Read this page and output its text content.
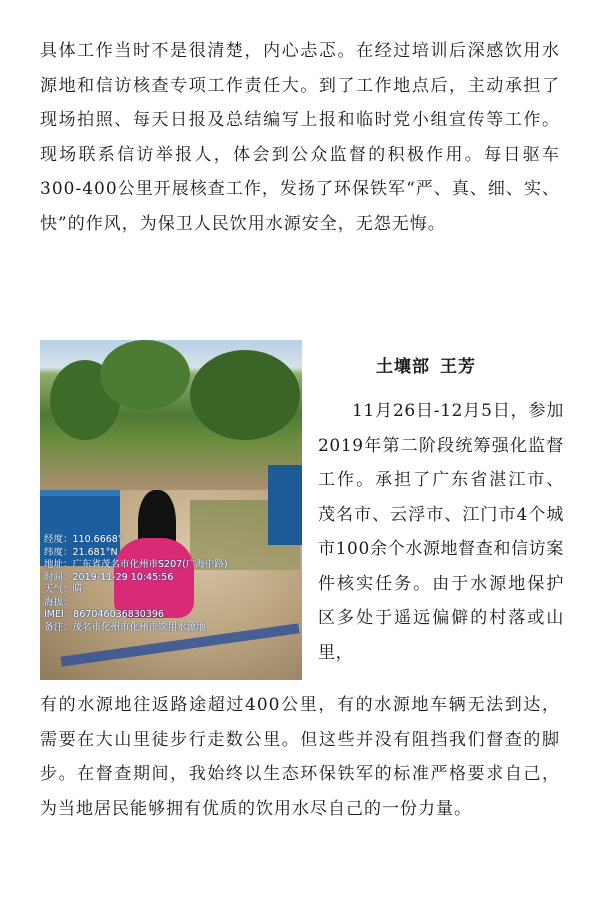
具体工作当时不是很清楚，内心忐忑。在经过培训后深感饮用水源地和信访核查专项工作责任大。到了工作地点后，主动承担了现场拍照、每天日报及总结编写上报和临时党小组宣传等工作。现场联系信访举报人，体会到公众监督的积极作用。每日驱车300-400公里开展核查工作，发扬了环保铁军“严、真、细、实、快”的作风，为保卫人民饮用水源安全，无怨无悔。

经度：110.6668°
纬度：21.681°N
地址：广东省茂名市化州市S207(广海中路)
时间：2019-11-29 10:45:56
天气：晴
海拔：
IMEI：867046036830396
备注：茂名市化州市化州市饮用水源地
土壤部 王芳

11月26日-12月5日，参加2019年第二阶段统筹强化监督工作。承担了广东省湛江市、茂名市、云浮市、江门市4个城市100余个水源地督查和信访案件核实任务。由于水源地保护区多处于遥远偏僻的村落或山里，

有的水源地往返路途超过400公里，有的水源地车辆无法到达，需要在大山里徒步行走数公里。但这些并没有阻挡我们督查的脚步。在督查期间，我始终以生态环保铁军的标准严格要求自己，为当地居民能够拥有优质的饮用水尽自己的一份力量。
